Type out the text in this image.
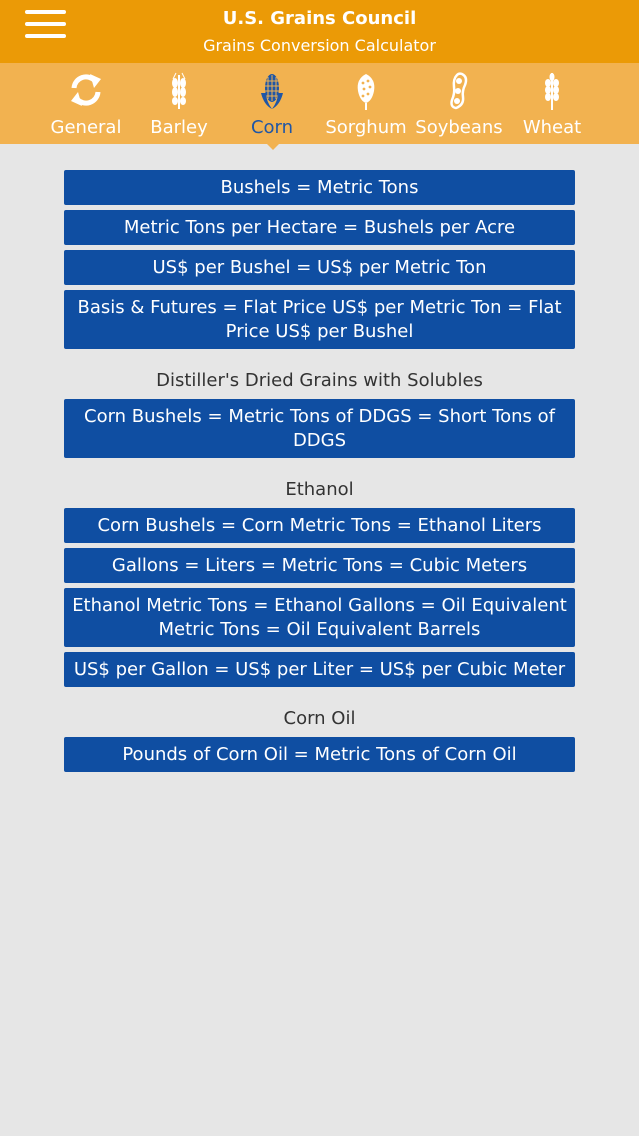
U.S. Grains Council
Grains Conversion Calculator
General	Barley	Corn	Sorghum Soybeans	Wheat
Bushels = Metric Tons
Metric Tons per Hectare = Bushels per Acre
US$ per Bushel = US$ per Metric Ton
Basis & Futures = Flat Price US$ per Metric Ton = Flat Price US$ per Bushel
Distiller's Dried Grains with Solubles
Corn Bushels = Metric Tons of DDGS = Short Tons of DDGS
Ethanol
Corn Bushels = Corn Metric Tons = Ethanol Liters
Gallons = Liters = Metric Tons = Cubic Meters
Ethanol Metric Tons = Ethanol Gallons = Oil Equivalent Metric Tons = Oil Equivalent Barrels
US$ per Gallon = US$ per Liter = US$ per Cubic Meter
Corn Oil
Pounds of Corn Oil = Metric Tons of Corn Oil
